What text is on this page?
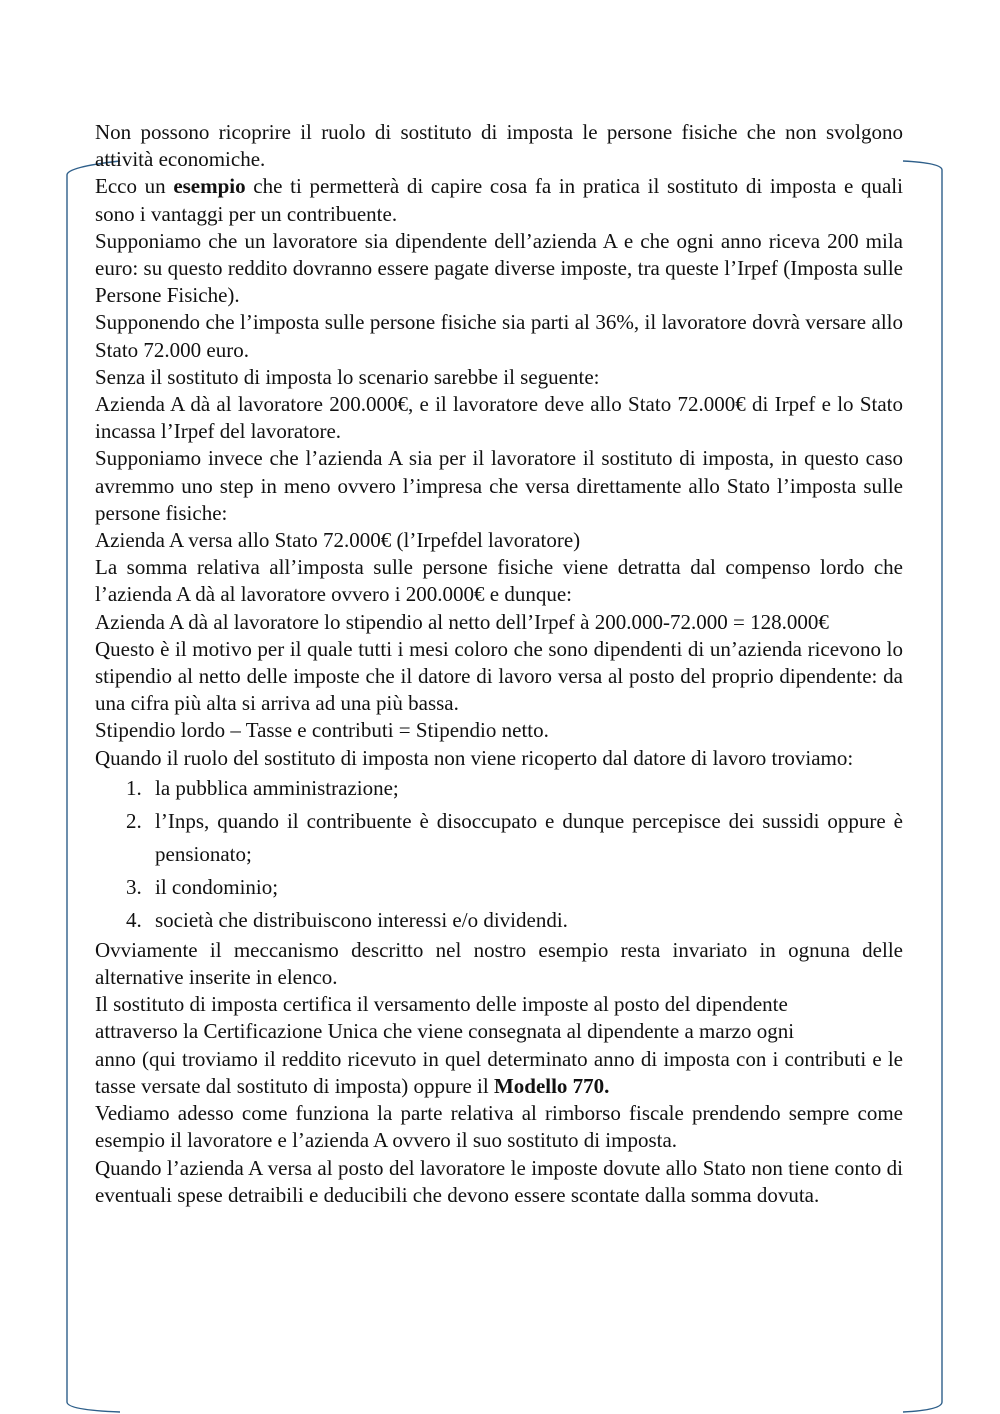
Non possono ricoprire il ruolo di sostituto di imposta le persone fisiche che non svolgono attività economiche.

Ecco un esempio che ti permetterà di capire cosa fa in pratica il sostituto di imposta e quali sono i vantaggi per un contribuente.

Supponiamo che un lavoratore sia dipendente dell’azienda A e che ogni anno riceva 200 mila euro: su questo reddito dovranno essere pagate diverse imposte, tra queste l’Irpef (Imposta sulle Persone Fisiche).

Supponendo che l’imposta sulle persone fisiche sia parti al 36%, il lavoratore dovrà versare allo Stato 72.000 euro.

Senza il sostituto di imposta lo scenario sarebbe il seguente:

Azienda A dà al lavoratore 200.000€, e il lavoratore deve allo Stato 72.000€ di Irpef e lo Stato incassa l’Irpef del lavoratore.

Supponiamo invece che l’azienda A sia per il lavoratore il sostituto di imposta, in questo caso avremmo uno step in meno ovvero l’impresa che versa direttamente allo Stato l’imposta sulle persone fisiche:

Azienda A versa allo Stato 72.000€ (l’Irpefdel lavoratore)

La somma relativa all’imposta sulle persone fisiche viene detratta dal compenso lordo che l’azienda A dà al lavoratore ovvero i 200.000€ e dunque:

Azienda A dà al lavoratore lo stipendio al netto dell’Irpef à 200.000-72.000 = 128.000€

Questo è il motivo per il quale tutti i mesi coloro che sono dipendenti di un’azienda ricevono lo stipendio al netto delle imposte che il datore di lavoro versa al posto del proprio dipendente: da una cifra più alta si arriva ad una più bassa.

Stipendio lordo – Tasse e contributi = Stipendio netto.

Quando il ruolo del sostituto di imposta non viene ricoperto dal datore di lavoro troviamo:

1. la pubblica amministrazione;
2. l’Inps, quando il contribuente è disoccupato e dunque percepisce dei sussidi oppure è pensionato;
3. il condominio;
4. società che distribuiscono interessi e/o dividendi.

Ovviamente il meccanismo descritto nel nostro esempio resta invariato in ognuna delle alternative inserite in elenco.

Il sostituto di imposta certifica il versamento delle imposte al posto del dipendente

attraverso la Certificazione Unica che viene consegnata al dipendente a marzo ogni

anno (qui troviamo il reddito ricevuto in quel determinato anno di imposta con i contributi e le tasse versate dal sostituto di imposta) oppure il Modello 770.

Vediamo adesso come funziona la parte relativa al rimborso fiscale prendendo sempre come esempio il lavoratore e l’azienda A ovvero il suo sostituto di imposta.

Quando l’azienda A versa al posto del lavoratore le imposte dovute allo Stato non tiene conto di eventuali spese detraibili e deducibili che devono essere scontate dalla somma dovuta.
